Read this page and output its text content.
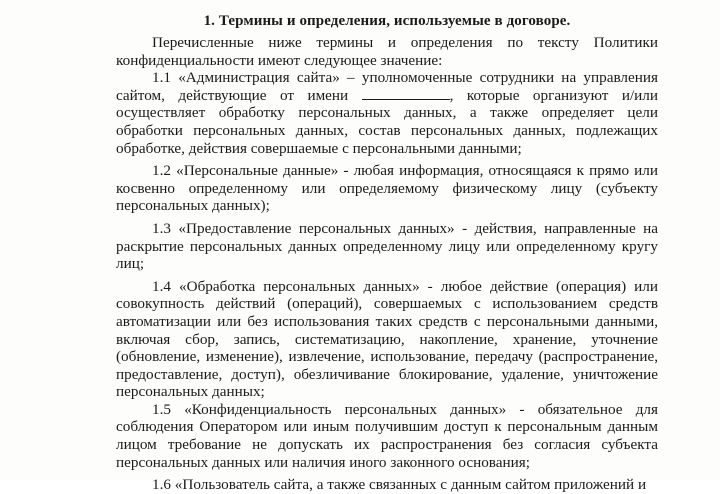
1. Термины и определения, используемые в договоре.

Перечисленные ниже термины и определения по тексту Политики конфиденциальности имеют следующее значение:

1.1 «Администрация сайта» – уполномоченные сотрудники на управления сайтом, действующие от имени	, которые организуют и/или осуществляет обработку персональных данных, а также определяет цели обработки персональных данных, состав персональных данных, подлежащих обработке, действия совершаемые с персональными данными;

1.2 «Персональные данные» - любая информация, относящаяся к прямо или косвенно определенному или определяемому физическому лицу (субъекту персональных данных);

1.3 «Предоставление персональных данных» - действия, направленные на раскрытие персональных данных определенному лицу или определенному кругу лиц;

1.4 «Обработка персональных данных» - любое действие (операция) или совокупность действий (операций), совершаемых с использованием средств автоматизации или без использования таких средств с персональными данными, включая сбор, запись, систематизацию, накопление, хранение, уточнение (обновление, изменение), извлечение, использование, передачу (распространение, предоставление, доступ), обезличивание блокирование, удаление, уничтожение персональных данных;

1.5 «Конфиденциальность персональных данных» - обязательное для соблюдения Оператором или иным получившим доступ к персональным данным лицом требование не допускать их распространения без согласия субъекта персональных данных или наличия иного законного основания;

1.6 «Пользователь сайта, а также связанных с данным сайтом приложений и
